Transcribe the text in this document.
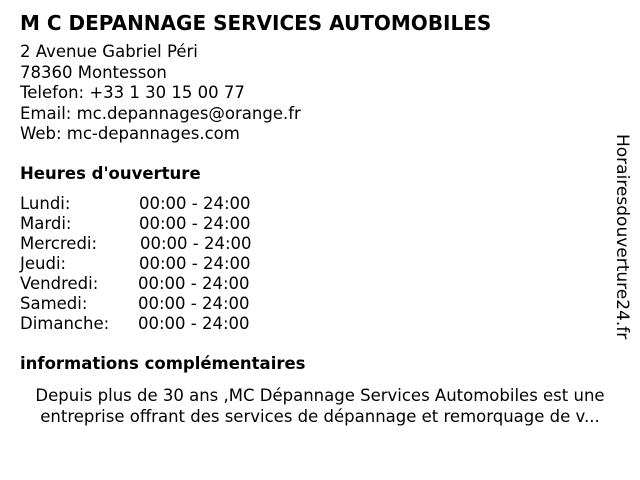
M C DEPANNAGE SERVICES AUTOMOBILES
2 Avenue Gabriel Péri
78360 Montesson
Telefon: +33 1 30 15 00 77
Email: mc.depannages@orange.fr
Web: mc-depannages.com
Heures d'ouverture
Lundi:	00:00 - 24:00
Mardi:	00:00 - 24:00
Mercredi:	00:00 - 24:00
Jeudi:	00:00 - 24:00
Vendredi: 00:00 - 24:00
Samedi:	00:00 - 24:00
Dimanche: 00:00 - 24:00
informations complémentaires
Depuis plus de 30 ans ,MC Dépannage Services Automobiles est une
entreprise offrant des services de dépannage et remorquage de v...
Horairesdouverture24.fr
